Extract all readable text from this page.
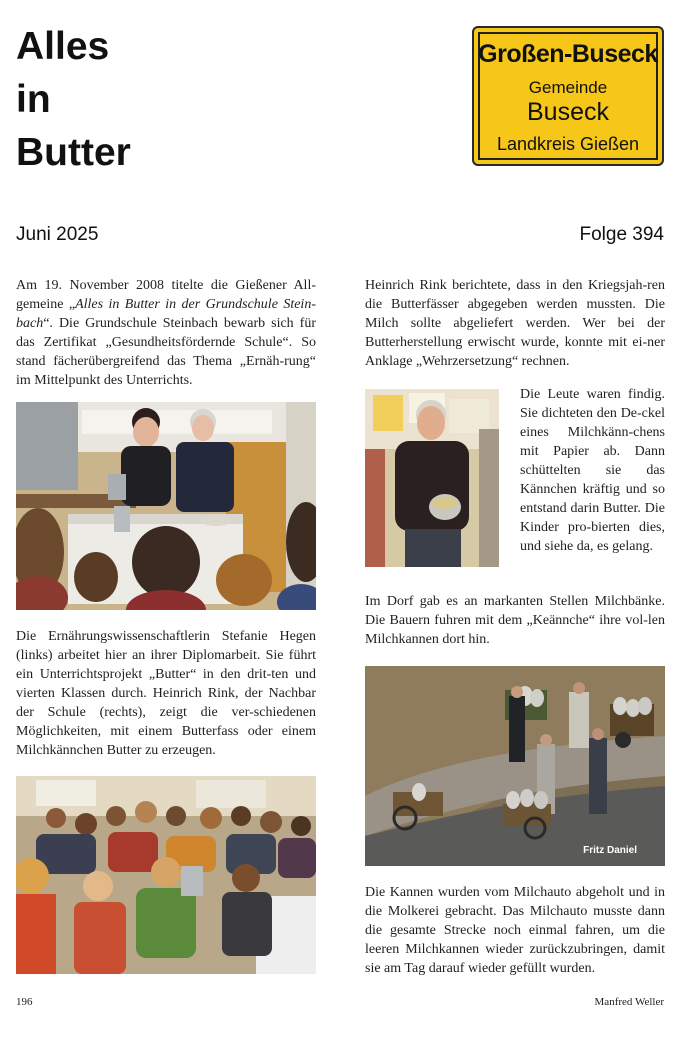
Alles
in
Butter
Großen-Buseck
Gemeinde
Buseck
Landkreis Gießen
Juni 2025	Folge 394

Am 19. November 2008 titelte die Gießener All-gemeine „Alles in Butter in der Grundschule Stein-bach“. Die Grundschule Steinbach bewarb sich für das Zertifikat „Gesundheitsfördernde Schule“. So stand fächerübergreifend das Thema „Ernäh-rung“ im Mittelpunkt des Unterrichts.

Die Ernährungswissenschaftlerin Stefanie Hegen (links) arbeitet hier an ihrer Diplomarbeit. Sie führt ein Unterrichtsprojekt „Butter“ in den drit-ten und vierten Klassen durch. Heinrich Rink, der Nachbar der Schule (rechts), zeigt die ver-schiedenen Möglichkeiten, mit einem Butterfass oder einem Milchkännchen Butter zu erzeugen.

Heinrich Rink berichtete, dass in den Kriegsjah-ren die Butterfässer abgegeben werden mussten. Die Milch sollte abgeliefert werden. Wer bei der Butterherstellung erwischt wurde, konnte mit ei-ner Anklage „Wehrzersetzung“ rechnen.

Die Leute waren findig. Sie dichteten den De-ckel eines Milchkänn-chens mit Papier ab. Dann schüttelten sie das Kännchen kräftig und so entstand darin Butter. Die Kinder pro-bierten dies, und siehe da, es gelang.

Im Dorf gab es an markanten Stellen Milchbänke. Die Bauern fuhren mit dem „Keännche“ ihre vol-len Milchkannen dort hin.

Fritz Daniel

Die Kannen wurden vom Milchauto abgeholt und in die Molkerei gebracht. Das Milchauto musste dann die gesamte Strecke noch einmal fahren, um die leeren Milchkannen wieder zurückzubringen, damit sie am Tag darauf wieder gefüllt wurden.

196	Manfred Weller
